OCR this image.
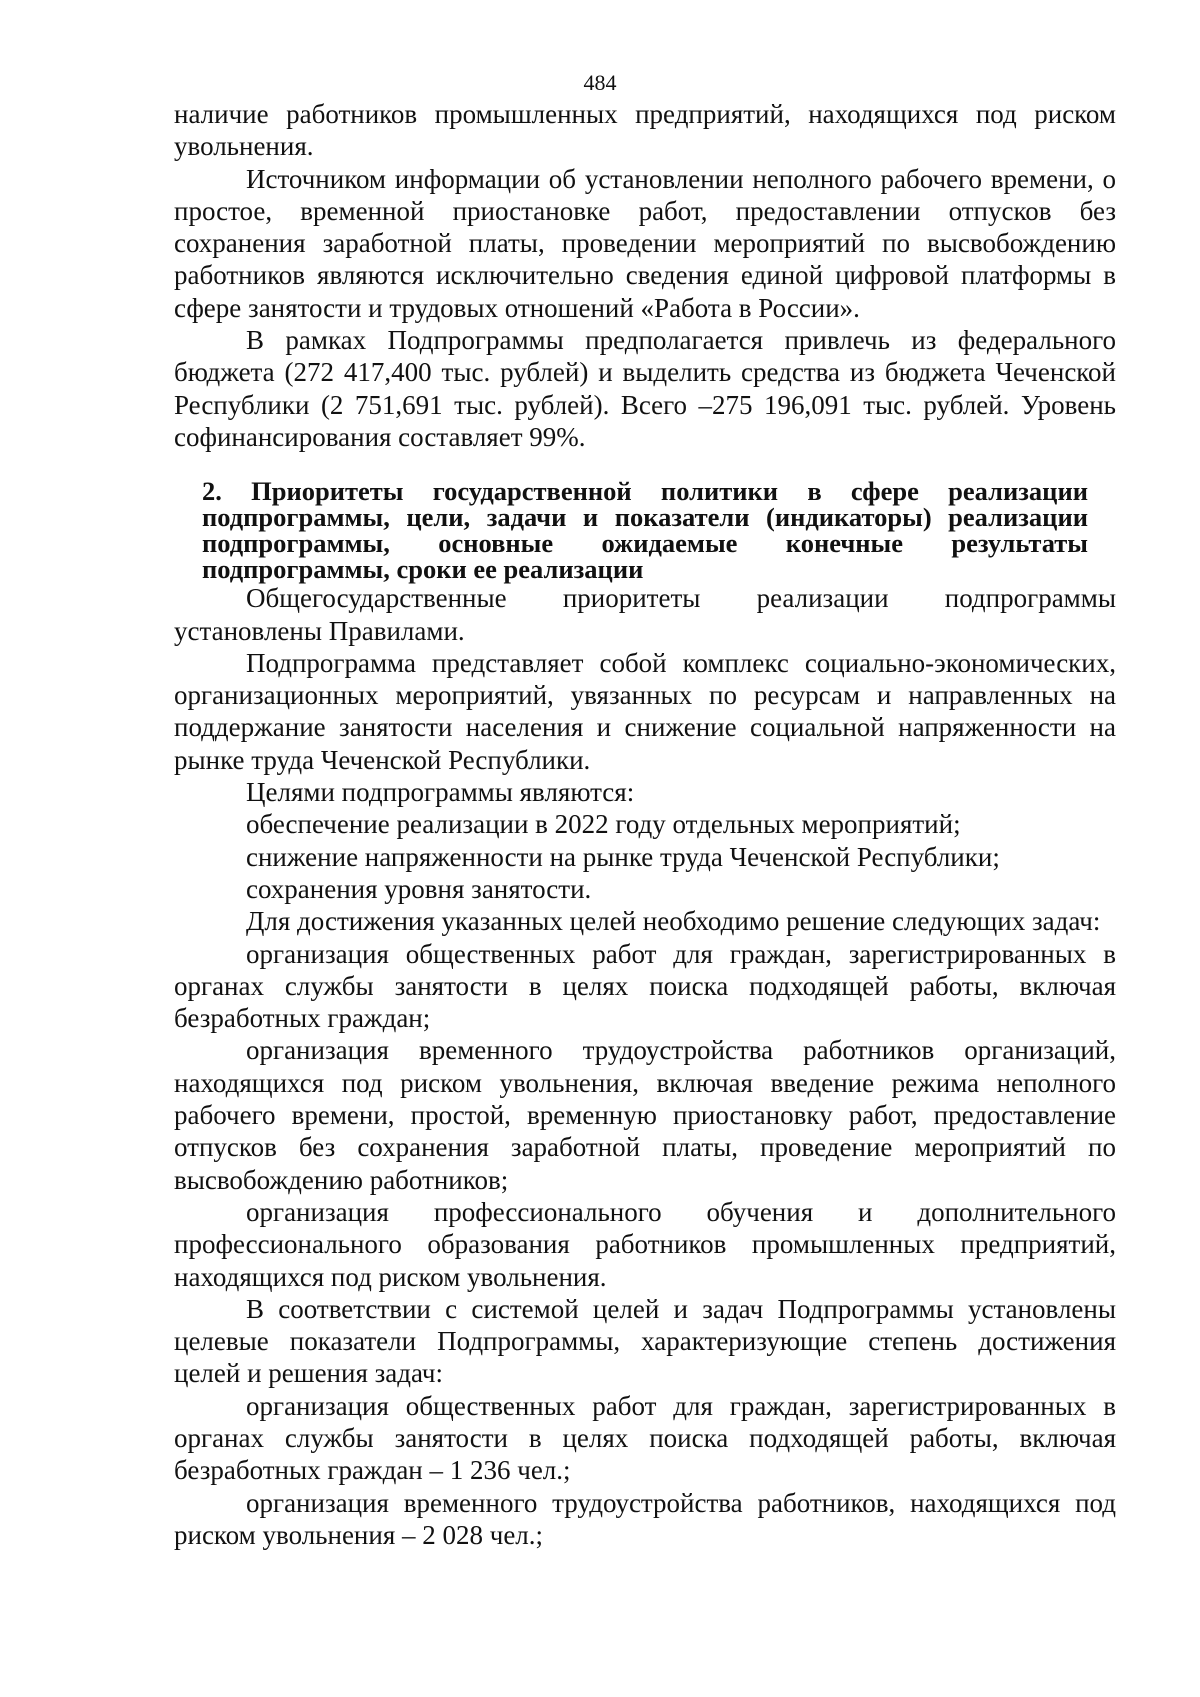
484

наличие работников промышленных предприятий, находящихся под риском увольнения.

Источником информации об установлении неполного рабочего времени, о простое, временной приостановке работ, предоставлении отпусков без сохранения заработной платы, проведении мероприятий по высвобождению работников являются исключительно сведения единой цифровой платформы в сфере занятости и трудовых отношений «Работа в России».

В рамках Подпрограммы предполагается привлечь из федерального бюджета (272 417,400 тыс. рублей) и выделить средства из бюджета Чеченской Республики (2 751,691 тыс. рублей). Всего –275 196,091 тыс. рублей. Уровень софинансирования составляет 99%.

2. Приоритеты государственной политики в сфере реализации подпрограммы, цели, задачи и показатели (индикаторы) реализации подпрограммы, основные ожидаемые конечные результаты подпрограммы, сроки ее реализации

Общегосударственные приоритеты реализации подпрограммы установлены Правилами.

Подпрограмма представляет собой комплекс социально-экономических, организационных мероприятий, увязанных по ресурсам и направленных на поддержание занятости населения и снижение социальной напряженности на рынке труда Чеченской Республики.

Целями подпрограммы являются:

обеспечение реализации в 2022 году отдельных мероприятий;

снижение напряженности на рынке труда Чеченской Республики;

сохранения уровня занятости.

Для достижения указанных целей необходимо решение следующих задач:

организация общественных работ для граждан, зарегистрированных в органах службы занятости в целях поиска подходящей работы, включая безработных граждан;

организация временного трудоустройства работников организаций, находящихся под риском увольнения, включая введение режима неполного рабочего времени, простой, временную приостановку работ, предоставление отпусков без сохранения заработной платы, проведение мероприятий по высвобождению работников;

организация профессионального обучения и дополнительного профессионального образования работников промышленных предприятий, находящихся под риском увольнения.

В соответствии с системой целей и задач Подпрограммы установлены целевые показатели Подпрограммы, характеризующие степень достижения целей и решения задач:

организация общественных работ для граждан, зарегистрированных в органах службы занятости в целях поиска подходящей работы, включая безработных граждан – 1 236 чел.;

организация временного трудоустройства работников, находящихся под риском увольнения – 2 028 чел.;
